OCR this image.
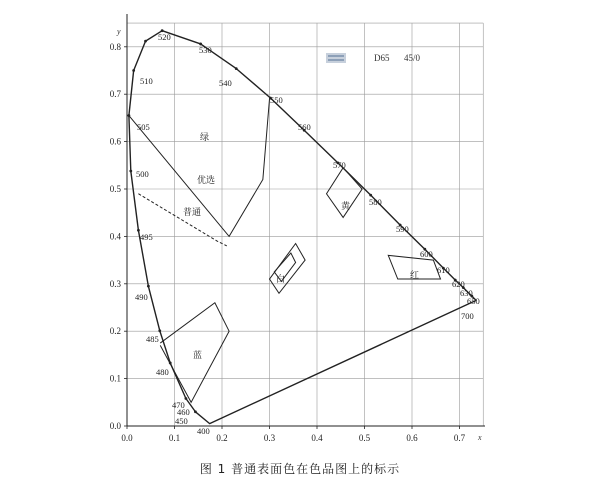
0.0	0.1	0.2	0.3	0.4	0.5	0.6	0.7
0.0
0.1
0.2
0.3
0.4
0.5
0.6
0.7
0.8
520
530
540
510
550
505	560
570
500
580
495
590
600
610
490
620
630
650
485
700
480
470
460
450
400
y
x
D65 45/0
绿
优选
普通
黄
白	红
蓝
图 1 普通表面色在色品图上的标示
